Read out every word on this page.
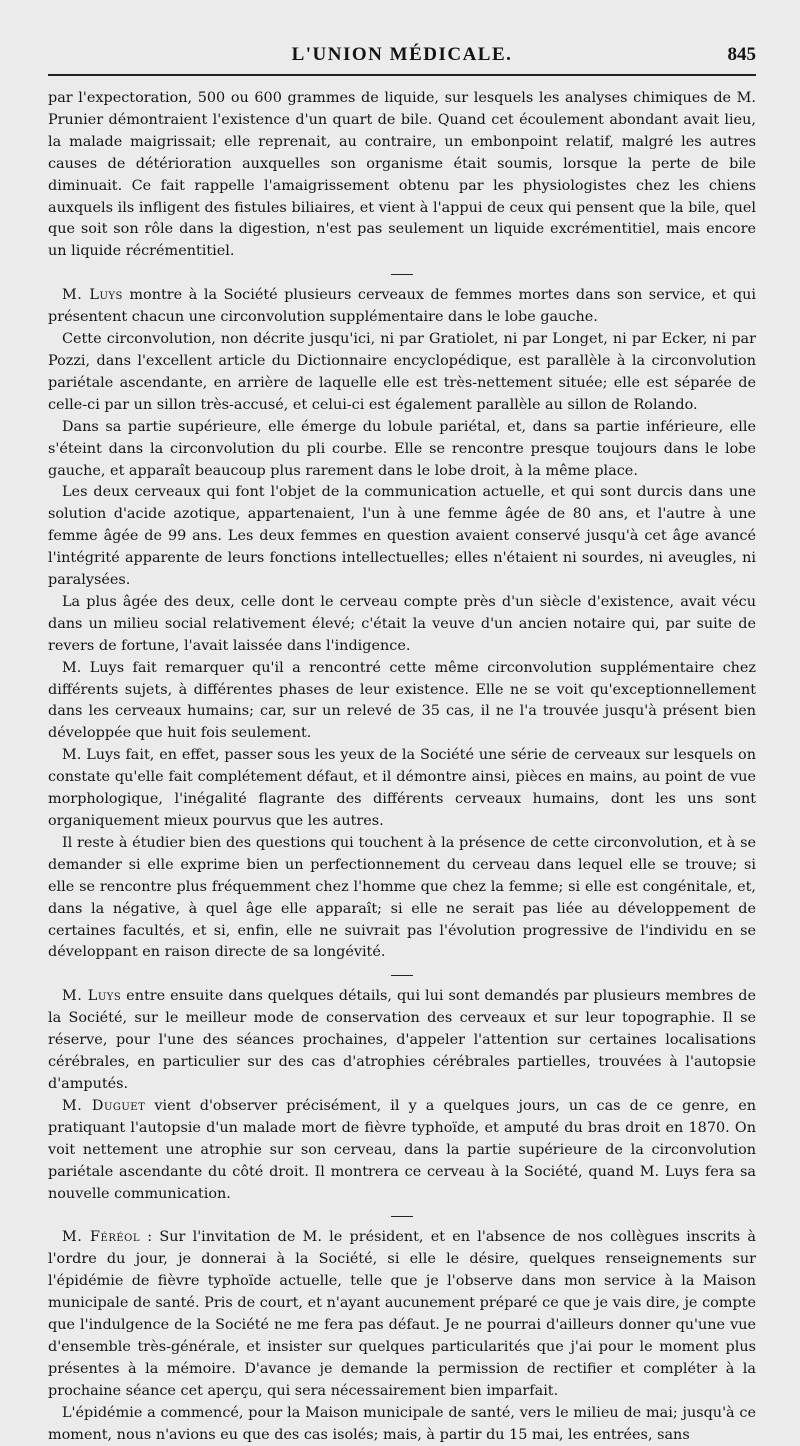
L'UNION MÉDICALE.	845

par l'expectoration, 500 ou 600 grammes de liquide, sur lesquels les analyses chimiques de M. Prunier démontraient l'existence d'un quart de bile. Quand cet écoulement abondant avait lieu, la malade maigrissait; elle reprenait, au contraire, un embonpoint relatif, malgré les autres causes de détérioration auxquelles son organisme était soumis, lorsque la perte de bile diminuait. Ce fait rappelle l'amaigrissement obtenu par les physiologistes chez les chiens auxquels ils infligent des fistules biliaires, et vient à l'appui de ceux qui pensent que la bile, quel que soit son rôle dans la digestion, n'est pas seulement un liquide excrémentitiel, mais encore un liquide récrémentitiel.

M. Luys montre à la Société plusieurs cerveaux de femmes mortes dans son service, et qui présentent chacun une circonvolution supplémentaire dans le lobe gauche.

Cette circonvolution, non décrite jusqu'ici, ni par Gratiolet, ni par Longet, ni par Ecker, ni par Pozzi, dans l'excellent article du Dictionnaire encyclopédique, est parallèle à la circonvolution pariétale ascendante, en arrière de laquelle elle est très-nettement située; elle est séparée de celle-ci par un sillon très-accusé, et celui-ci est également parallèle au sillon de Rolando.

Dans sa partie supérieure, elle émerge du lobule pariétal, et, dans sa partie inférieure, elle s'éteint dans la circonvolution du pli courbe. Elle se rencontre presque toujours dans le lobe gauche, et apparaît beaucoup plus rarement dans le lobe droit, à la même place.

Les deux cerveaux qui font l'objet de la communication actuelle, et qui sont durcis dans une solution d'acide azotique, appartenaient, l'un à une femme âgée de 80 ans, et l'autre à une femme âgée de 99 ans. Les deux femmes en question avaient conservé jusqu'à cet âge avancé l'intégrité apparente de leurs fonctions intellectuelles; elles n'étaient ni sourdes, ni aveugles, ni paralysées.

La plus âgée des deux, celle dont le cerveau compte près d'un siècle d'existence, avait vécu dans un milieu social relativement élevé; c'était la veuve d'un ancien notaire qui, par suite de revers de fortune, l'avait laissée dans l'indigence.

M. Luys fait remarquer qu'il a rencontré cette même circonvolution supplémentaire chez différents sujets, à différentes phases de leur existence. Elle ne se voit qu'exceptionnellement dans les cerveaux humains; car, sur un relevé de 35 cas, il ne l'a trouvée jusqu'à présent bien développée que huit fois seulement.

M. Luys fait, en effet, passer sous les yeux de la Société une série de cerveaux sur lesquels on constate qu'elle fait complétement défaut, et il démontre ainsi, pièces en mains, au point de vue morphologique, l'inégalité flagrante des différents cerveaux humains, dont les uns sont organiquement mieux pourvus que les autres.

Il reste à étudier bien des questions qui touchent à la présence de cette circonvolution, et à se demander si elle exprime bien un perfectionnement du cerveau dans lequel elle se trouve; si elle se rencontre plus fréquemment chez l'homme que chez la femme; si elle est congénitale, et, dans la négative, à quel âge elle apparaît; si elle ne serait pas liée au développement de certaines facultés, et si, enfin, elle ne suivrait pas l'évolution progressive de l'individu en se développant en raison directe de sa longévité.

M. Luys entre ensuite dans quelques détails, qui lui sont demandés par plusieurs membres de la Société, sur le meilleur mode de conservation des cerveaux et sur leur topographie. Il se réserve, pour l'une des séances prochaines, d'appeler l'attention sur certaines localisations cérébrales, en particulier sur des cas d'atrophies cérébrales partielles, trouvées à l'autopsie d'amputés.

M. Duguet vient d'observer précisément, il y a quelques jours, un cas de ce genre, en pratiquant l'autopsie d'un malade mort de fièvre typhoïde, et amputé du bras droit en 1870. On voit nettement une atrophie sur son cerveau, dans la partie supérieure de la circonvolution pariétale ascendante du côté droit. Il montrera ce cerveau à la Société, quand M. Luys fera sa nouvelle communication.

M. Féréol : Sur l'invitation de M. le président, et en l'absence de nos collègues inscrits à l'ordre du jour, je donnerai à la Société, si elle le désire, quelques renseignements sur l'épidémie de fièvre typhoïde actuelle, telle que je l'observe dans mon service à la Maison municipale de santé. Pris de court, et n'ayant aucunement préparé ce que je vais dire, je compte que l'indulgence de la Société ne me fera pas défaut. Je ne pourrai d'ailleurs donner qu'une vue d'ensemble très-générale, et insister sur quelques particularités que j'ai pour le moment plus présentes à la mémoire. D'avance je demande la permission de rectifier et compléter à la prochaine séance cet aperçu, qui sera nécessairement bien imparfait.

L'épidémie a commencé, pour la Maison municipale de santé, vers le milieu de mai; jusqu'à ce moment, nous n'avions eu que des cas isolés; mais, à partir du 15 mai, les entrées, sans
